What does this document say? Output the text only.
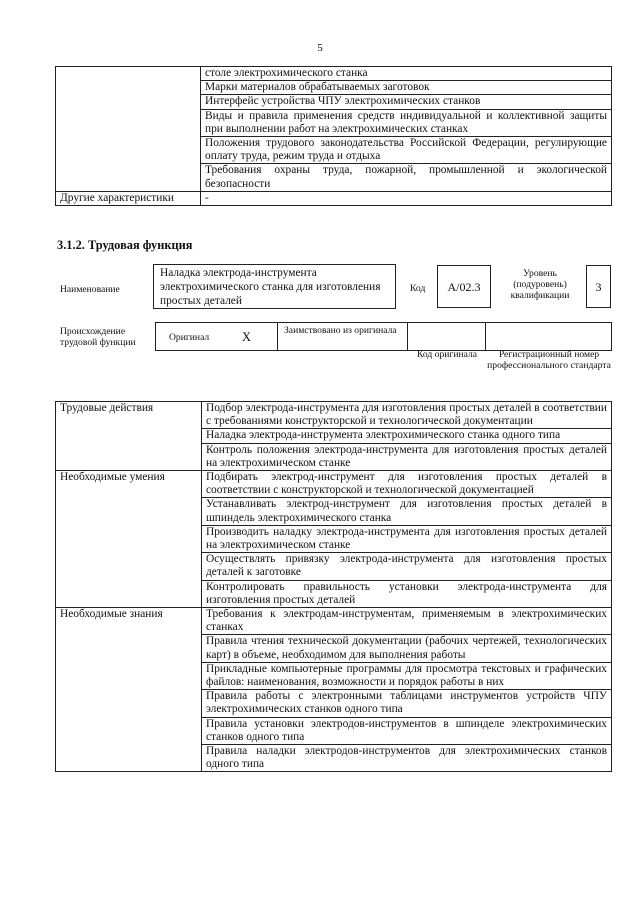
5
	столе электрохимического станка
	Марки материалов обрабатываемых заготовок
	Интерфейс устройства ЧПУ электрохимических станков
	Виды и правила применения средств индивидуальной и коллективной защиты при выполнении работ на электрохимических станках
	Положения трудового законодательства Российской Федерации, регулирующие оплату труда, режим труда и отдыха
	Требования охраны труда, пожарной, промышленной и экологической безопасности
Другие характеристики	-
3.1.2. Трудовая функция
Наименование
Наладка электрода-инструмента электрохимического станка для изготовления простых деталей
Код	А/02.3
Уровень (подуровень) квалификации
3
Происхождение трудовой функции	Оригинал	X	Заимствовано из оригинала
Код оригинала	Регистрационный номер профессионального стандарта
Трудовые действия	Подбор электрода-инструмента для изготовления простых деталей в соответствии с требованиями конструкторской и технологической документации
	Наладка электрода-инструмента электрохимического станка одного типа
	Контроль положения электрода-инструмента для изготовления простых деталей на электрохимическом станке
Необходимые умения	Подбирать электрод-инструмент для изготовления простых деталей в соответствии с конструкторской и технологической документацией
	Устанавливать электрод-инструмент для изготовления простых деталей в шпиндель электрохимического станка
	Производить наладку электрода-инструмента для изготовления простых деталей на электрохимическом станке
	Осуществлять привязку электрода-инструмента для изготовления простых деталей к заготовке
	Контролировать правильность установки электрода-инструмента для изготовления простых деталей
Необходимые знания	Требования к электродам-инструментам, применяемым в электрохимических станках
	Правила чтения технической документации (рабочих чертежей, технологических карт) в объеме, необходимом для выполнения работы
	Прикладные компьютерные программы для просмотра текстовых и графических файлов: наименования, возможности и порядок работы в них
	Правила работы с электронными таблицами инструментов устройств ЧПУ электрохимических станков одного типа
	Правила установки электродов-инструментов в шпинделе электрохимических станков одного типа
	Правила наладки электродов-инструментов для электрохимических станков одного типа
